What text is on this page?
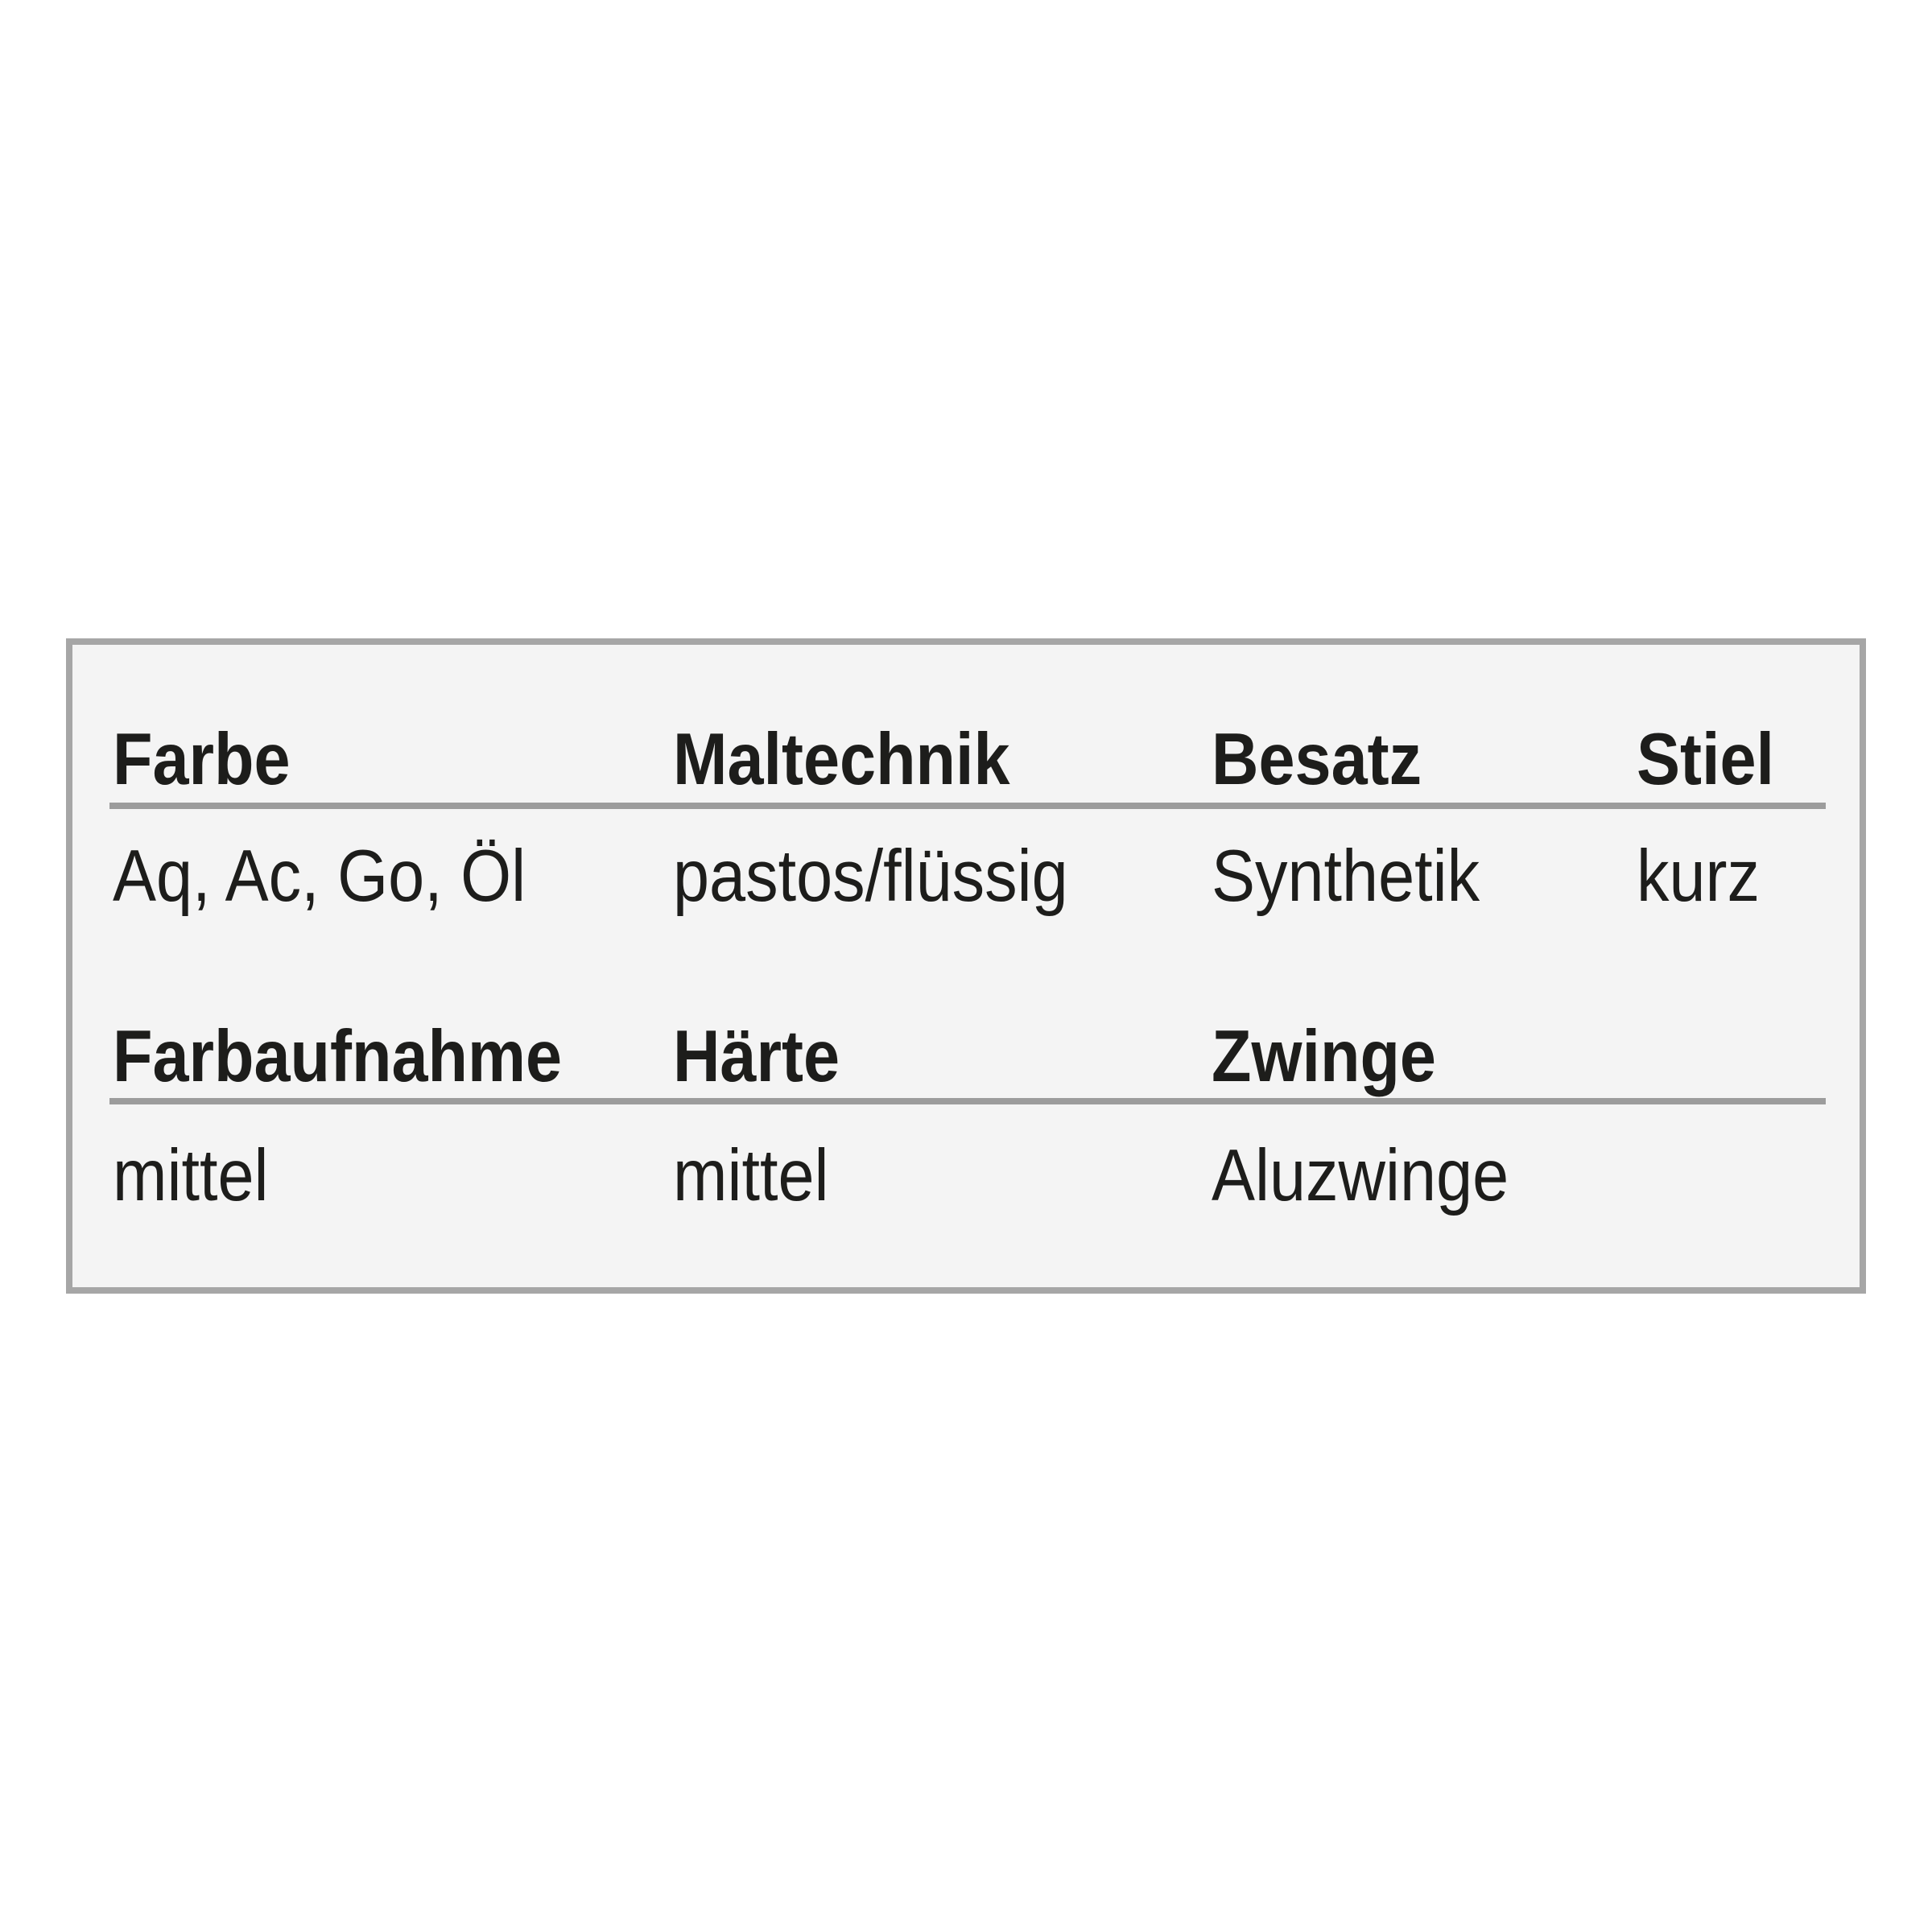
Farbe	Maltechnik	Besatz	Stiel
Aq, Ac, Go, Öl	pastos/flüssig	Synthetik	kurz
Farbaufnahme	Härte	Zwinge
mittel	mittel	Aluzwinge
